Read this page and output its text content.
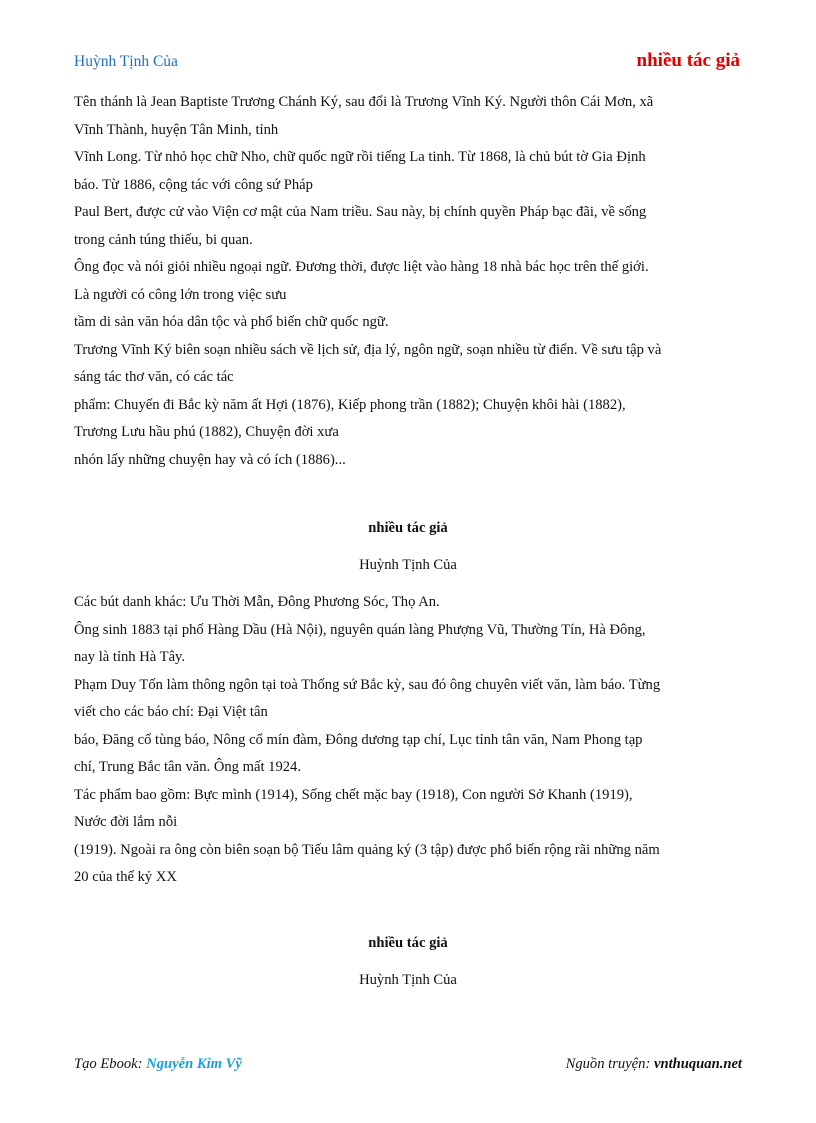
Huỳnh Tịnh Của	nhiều tác giả

Tên thánh là Jean Baptiste Trương Chánh Ký, sau đổi là Trương Vĩnh Ký. Người thôn Cái Mơn, xã

Vĩnh Thành, huyện Tân Minh, tỉnh

Vĩnh Long. Từ nhỏ học chữ Nho, chữ quốc ngữ rồi tiếng La tinh. Từ 1868, là chủ bút tờ Gia Định

báo. Từ 1886, cộng tác với công sứ Pháp

Paul Bert, được cử vào Viện cơ mật của Nam triều. Sau này, bị chính quyền Pháp bạc đãi, về sống

trong cảnh túng thiếu, bi quan.

Ông đọc và nói giỏi nhiều ngoại ngữ. Đương thời, được liệt vào hàng 18 nhà bác học trên thế giới.

Là người có công lớn trong việc sưu

tầm di sản văn hóa dân tộc và phổ biến chữ quốc ngữ.

Trương Vĩnh Ký biên soạn nhiều sách về lịch sử, địa lý, ngôn ngữ, soạn nhiều từ điển. Về sưu tập và

sáng tác thơ văn, có các tác

phẩm: Chuyến đi Bắc kỳ năm ất Hợi (1876), Kiếp phong trần (1882); Chuyện khôi hài (1882),

Trương Lưu hầu phú (1882), Chuyện đời xưa

nhón lấy những chuyện hay và có ích (1886)...

nhiều tác giả
Huỳnh Tịnh Của

Các bút danh khác: Ưu Thời Mẫn, Đông Phương Sóc, Thọ An.

Ông sinh 1883 tại phố Hàng Dầu (Hà Nội), nguyên quán làng Phượng Vũ, Thường Tín, Hà Đông,

nay là tỉnh Hà Tây.

Phạm Duy Tốn làm thông ngôn tại toà Thống sứ Bắc kỳ, sau đó ông chuyên viết văn, làm báo. Từng

viết cho các báo chí: Đại Việt tân

báo, Đăng cổ tùng báo, Nông cổ mín đàm, Đông dương tạp chí, Lục tỉnh tân văn, Nam Phong tạp

chí, Trung Bắc tân văn. Ông mất 1924.

Tác phẩm bao gồm: Bực mình (1914), Sống chết mặc bay (1918), Con người Sở Khanh (1919),

Nước đời lắm nỗi

(1919). Ngoài ra ông còn biên soạn bộ Tiếu lâm quảng ký (3 tập) được phổ biến rộng rãi những năm

20 của thế kỷ XX

nhiều tác giả
Huỳnh Tịnh Của
Tạo Ebook: Nguyễn Kim Vỹ	Nguồn truyện: vnthuquan.net
